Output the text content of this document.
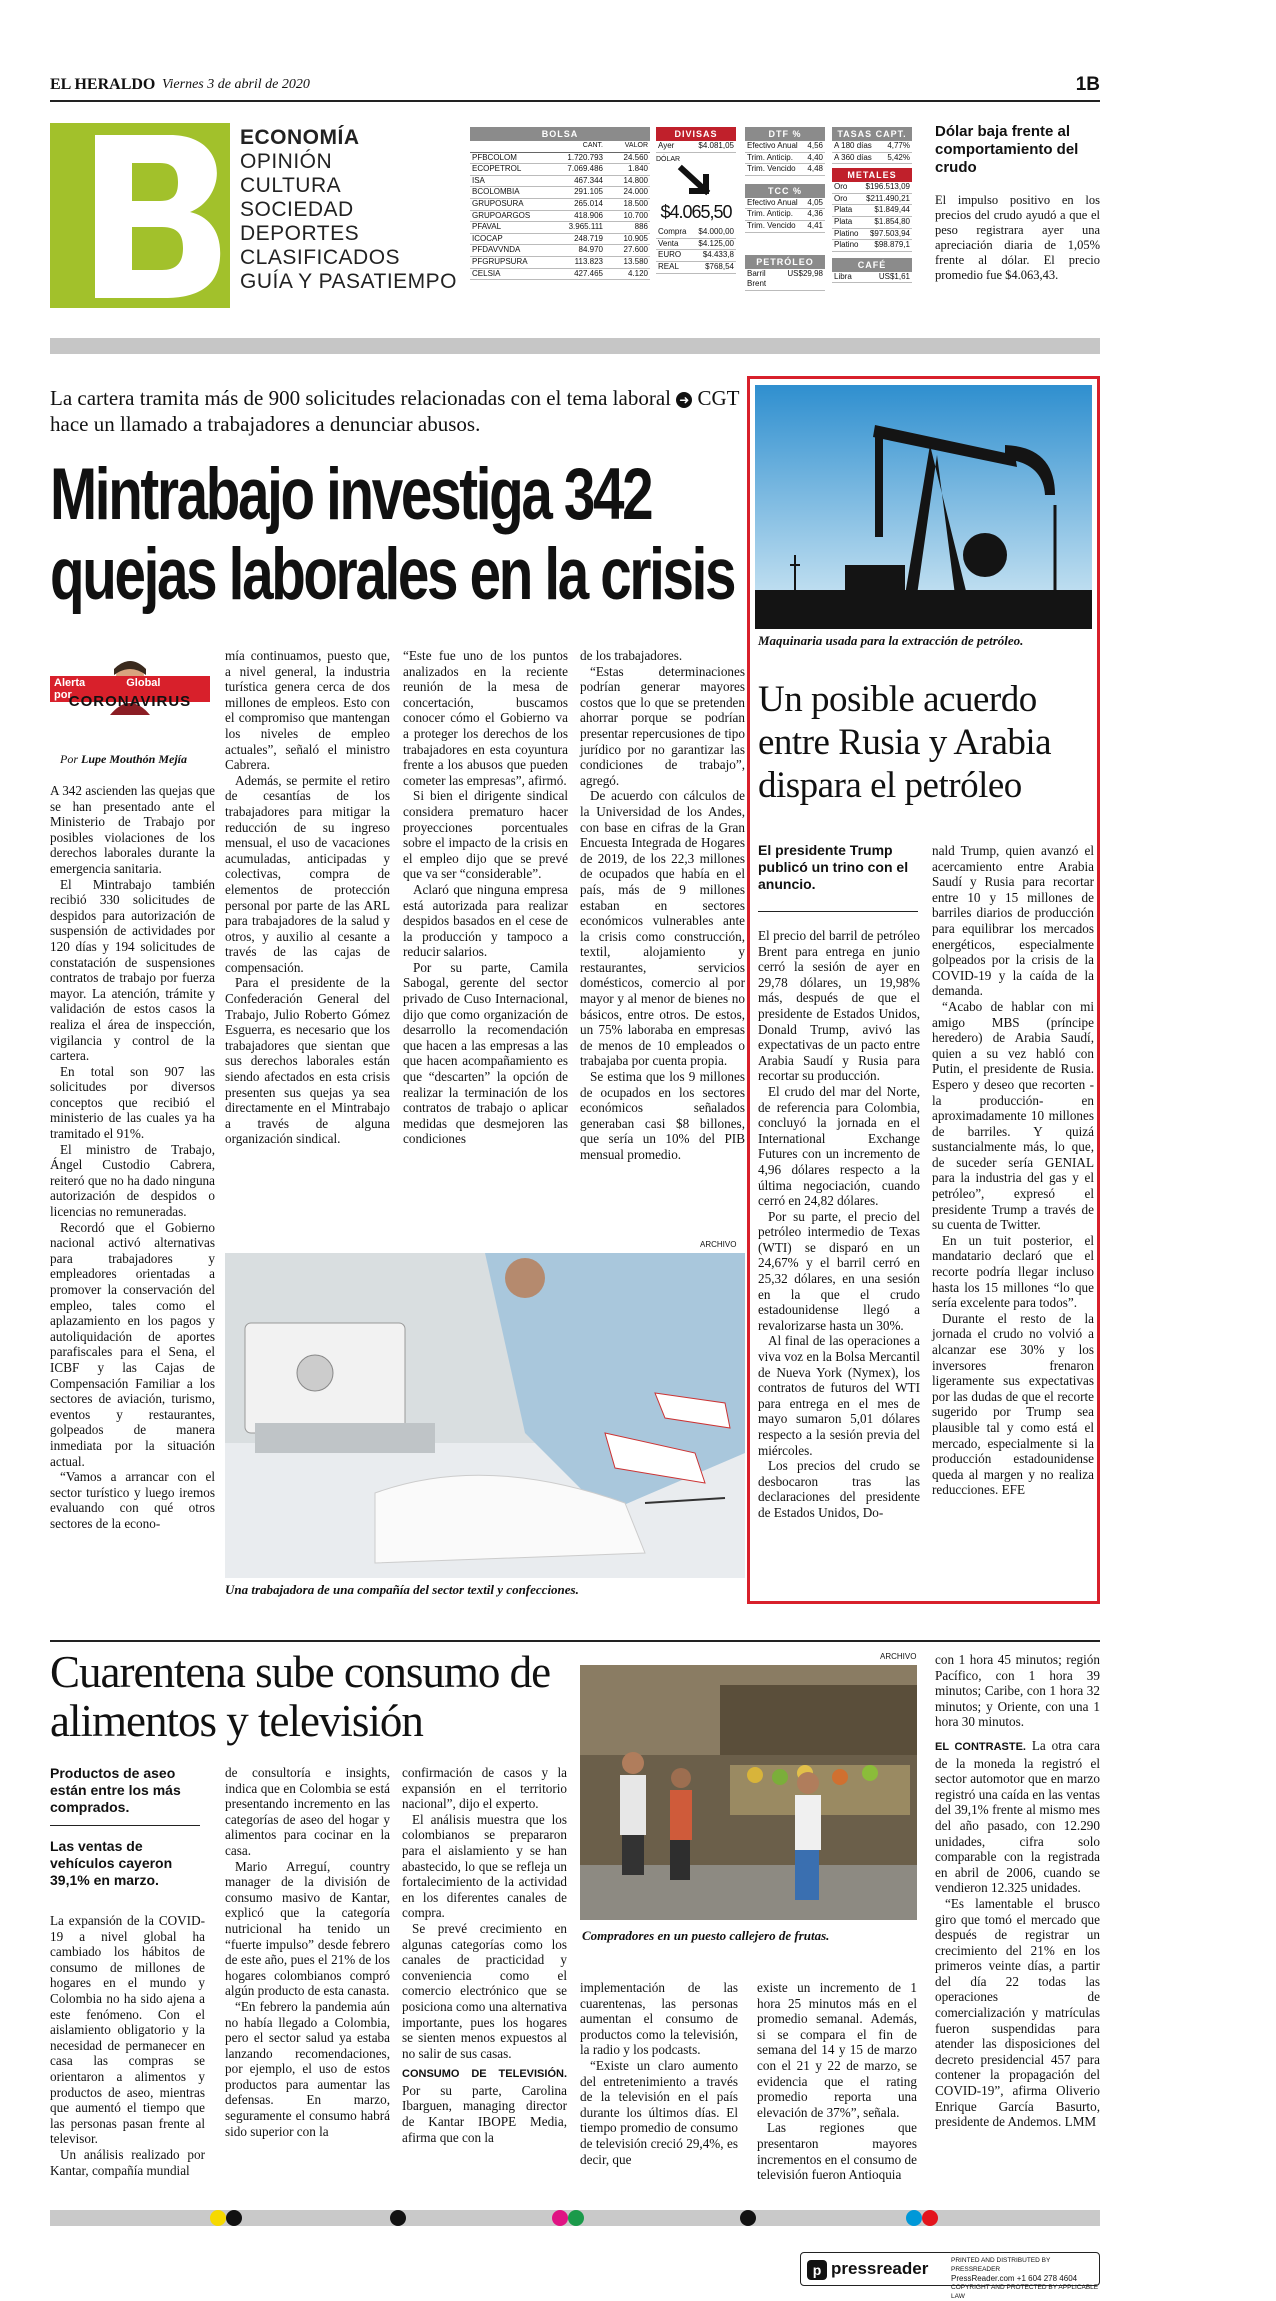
EL HERALDO Viernes 3 de abril de 2020	1B
ECONOMÍA
OPINIÓN
CULTURA
SOCIEDAD
DEPORTES
CLASIFICADOS
GUÍA Y PASATIEMPO
BOLSA
CANT.	VALOR
PFBCOLOM	1.720.793	24.560
ECOPETROL	7.069.486	1.840
ISA	467.344	14.800
BCOLOMBIA	291.105	24.000
GRUPOSURA	265.014	18.500
GRUPOARGOS	418.906	10.700
PFAVAL	3.965.111	886
ICOCAP	248.719	10.905
PFDAVVNDA	84.970	27.600
PFGRUPSURA	113.823	13.580
CELSIA	427.465	4.120
DIVISAS
Ayer	$4.081,05
DÓLAR
$4.065,50
Compra	$4.000,00
Venta	$4.125,00
EURO	$4.433,8
REAL	$768,54
DTF %
Efectivo Anual	4,56
Trim. Anticip.	4,40
Trim. Vencido	4,48
TCC %
Efectivo Anual	4,05
Trim. Anticip.	4,36
Trim. Vencido	4,41
PETRÓLEO
Barril Brent
US$29,98
TASAS CAPT.
A 180 días	4,77%
A 360 días	5,42%
METALES
Oro	$196.513,09
Oro	$211.490,21
Plata	$1.849,44
Plata	$1.854,80
Platino	$97.503,94
Platino	$98.879,1
CAFÉ
Libra	US$1,61
Dólar baja frente al comportamiento del crudo

El impulso positivo en los precios del crudo ayudó a que el peso registrara ayer una apreciación diaria de 1,05% frente al dólar. El precio promedio fue $4.063,43.

La cartera tramita más de 900 solicitudes relacionadas con el tema laboral ➜ CGT hace un llamado a trabajadores a denunciar abusos.
Mintrabajo investiga 342 quejas laborales en la crisis
Alerta Global por
CORONAVIRUS
Por Lupe Mouthón Mejía

A 342 ascienden las quejas que se han presentado ante el Ministerio de Trabajo por posibles violaciones de los derechos laborales durante la emergencia sanitaria.

El Mintrabajo también recibió 330 solicitudes de despidos para autorización de suspensión de actividades por 120 días y 194 solicitudes de constatación de suspensiones contratos de trabajo por fuerza mayor. La atención, trámite y validación de estos casos la realiza el área de inspección, vigilancia y control de la cartera.

En total son 907 las solicitudes por diversos conceptos que recibió el ministerio de las cuales ya ha tramitado el 91%.

El ministro de Trabajo, Ángel Custodio Cabrera, reiteró que no ha dado ninguna autorización de despidos o licencias no remuneradas.

Recordó que el Gobierno nacional activó alternativas para trabajadores y empleadores orientadas a promover la conservación del empleo, tales como el aplazamiento en los pagos y autoliquidación de aportes parafiscales para el Sena, el ICBF y las Cajas de Compensación Familiar a los sectores de aviación, turismo, eventos y restaurantes, golpeados de manera inmediata por la situación actual.

“Vamos a arrancar con el sector turístico y luego iremos evaluando con qué otros sectores de la econo-

mía continuamos, puesto que, a nivel general, la industria turística genera cerca de dos millones de empleos. Esto con el compromiso que mantengan los niveles de empleo actuales”, señaló el ministro Cabrera.

Además, se permite el retiro de cesantías de los trabajadores para mitigar la reducción de su ingreso mensual, el uso de vacaciones acumuladas, anticipadas y colectivas, compra de elementos de protección personal por parte de las ARL para trabajadores de la salud y otros, y auxilio al cesante a través de las cajas de compensación.

Para el presidente de la Confederación General del Trabajo, Julio Roberto Gómez Esguerra, es necesario que los trabajadores que sientan que sus derechos laborales están siendo afectados en esta crisis presenten sus quejas ya sea directamente en el Mintrabajo a través de alguna organización sindical.

“Este fue uno de los puntos analizados en la reciente reunión de la mesa de concertación, buscamos conocer cómo el Gobierno va a proteger los derechos de los trabajadores en esta coyuntura frente a los abusos que pueden cometer las empresas”, afirmó.

Si bien el dirigente sindical considera prematuro hacer proyecciones porcentuales sobre el impacto de la crisis en el empleo dijo que se prevé que va ser “considerable”.

Aclaró que ninguna empresa está autorizada para realizar despidos basados en el cese de la producción y tampoco a reducir salarios.

Por su parte, Camila Sabogal, gerente del sector privado de Cuso Internacional, dijo que como organización de desarrollo la recomendación que hacen a las empresas a las que hacen acompañamiento es que “descarten” la opción de realizar la terminación de los contratos de trabajo o aplicar medidas que desmejoren las condiciones

de los trabajadores.

“Estas determinaciones podrían generar mayores costos que lo que se pretenden ahorrar porque se podrían presentar repercusiones de tipo jurídico por no garantizar las condiciones de trabajo”, agregó.

De acuerdo con cálculos de la Universidad de los Andes, con base en cifras de la Gran Encuesta Integrada de Hogares de 2019, de los 22,3 millones de ocupados que había en el país, más de 9 millones estaban en sectores económicos vulnerables ante la crisis como construcción, textil, alojamiento y restaurantes, servicios domésticos, comercio al por mayor y al menor de bienes no básicos, entre otros. De estos, un 75% laboraba en empresas de menos de 10 empleados o trabajaba por cuenta propia.

Se estima que los 9 millones de ocupados en los sectores económicos señalados generaban casi $8 billones, que sería un 10% del PIB mensual promedio.

ARCHIVO
Una trabajadora de una compañía del sector textil y confecciones.
Maquinaria usada para la extracción de petróleo.
Un posible acuerdo entre Rusia y Arabia dispara el petróleo
El presidente Trump publicó un trino con el anuncio.

El precio del barril de petróleo Brent para entrega en junio cerró la sesión de ayer en 29,78 dólares, un 19,98% más, después de que el presidente de Estados Unidos, Donald Trump, avivó las expectativas de un pacto entre Arabia Saudí y Rusia para recortar su producción.

El crudo del mar del Norte, de referencia para Colombia, concluyó la jornada en el International Exchange Futures con un incremento de 4,96 dólares respecto a la última negociación, cuando cerró en 24,82 dólares.

Por su parte, el precio del petróleo intermedio de Texas (WTI) se disparó en un 24,67% y el barril cerró en 25,32 dólares, en una sesión en la que el crudo estadounidense llegó a revalorizarse hasta un 30%.

Al final de las operaciones a viva voz en la Bolsa Mercantil de Nueva York (Nymex), los contratos de futuros del WTI para entrega en el mes de mayo sumaron 5,01 dólares respecto a la sesión previa del miércoles.

Los precios del crudo se desbocaron tras las declaraciones del presidente de Estados Unidos, Do-

nald Trump, quien avanzó el acercamiento entre Arabia Saudí y Rusia para recortar entre 10 y 15 millones de barriles diarios de producción para equilibrar los mercados energéticos, especialmente golpeados por la crisis de la COVID-19 y la caída de la demanda.

“Acabo de hablar con mi amigo MBS (príncipe heredero) de Arabia Saudí, quien a su vez habló con Putin, el presidente de Rusia. Espero y deseo que recorten -la producción- en aproximadamente 10 millones de barriles. Y quizá sustancialmente más, lo que, de suceder sería GENIAL para la industria del gas y el petróleo”, expresó el presidente Trump a través de su cuenta de Twitter.

En un tuit posterior, el mandatario declaró que el recorte podría llegar incluso hasta los 15 millones “lo que sería excelente para todos”.

Durante el resto de la jornada el crudo no volvió a alcanzar ese 30% y los inversores frenaron ligeramente sus expectativas por las dudas de que el recorte sugerido por Trump sea plausible tal y como está el mercado, especialmente si la producción estadounidense queda al margen y no realiza reducciones. EFE

Cuarentena sube consumo de alimentos y televisión
Productos de aseo están entre los más comprados.
Las ventas de vehículos cayeron 39,1% en marzo.

La expansión de la COVID-19 a nivel global ha cambiado los hábitos de consumo de millones de hogares en el mundo y Colombia no ha sido ajena a este fenómeno. Con el aislamiento obligatorio y la necesidad de permanecer en casa las compras se orientaron a alimentos y productos de aseo, mientras que aumentó el tiempo que las personas pasan frente al televisor.

Un análisis realizado por Kantar, compañía mundial

de consultoría e insights, indica que en Colombia se está presentando incremento en las categorías de aseo del hogar y alimentos para cocinar en la casa.

Mario Arreguí, country manager de la división de consumo masivo de Kantar, explicó que la categoría nutricional ha tenido un “fuerte impulso” desde febrero de este año, pues el 21% de los hogares colombianos compró algún producto de esta canasta.

“En febrero la pandemia aún no había llegado a Colombia, pero el sector salud ya estaba lanzando recomendaciones, por ejemplo, el uso de estos productos para aumentar las defensas. En marzo, seguramente el consumo habrá sido superior con la

confirmación de casos y la expansión en el territorio nacional”, dijo el experto.

El análisis muestra que los colombianos se prepararon para el aislamiento y se han abastecido, lo que se refleja un fortalecimiento de la actividad en los diferentes canales de compra.

Se prevé crecimiento en algunas categorías como los canales de practicidad y conveniencia como el comercio electrónico que se posiciona como una alternativa importante, pues los hogares se sienten menos expuestos al no salir de sus casas.

CONSUMO DE TELEVISIÓN. Por su parte, Carolina Ibarguen, managing director de Kantar IBOPE Media, afirma que con la

ARCHIVO
Compradores en un puesto callejero de frutas.

implementación de las cuarentenas, las personas aumentan el consumo de productos como la televisión, la radio y los podcasts.

“Existe un claro aumento del entretenimiento a través de la televisión en el país durante los últimos días. El tiempo promedio de consumo de televisión creció 29,4%, es decir, que

existe un incremento de 1 hora 25 minutos más en el promedio semanal. Además, si se compara el fin de semana del 14 y 15 de marzo con el 21 y 22 de marzo, se evidencia que el rating promedio reporta una elevación de 37%”, señala.

Las regiones que presentaron mayores incrementos en el consumo de televisión fueron Antioquia

con 1 hora 45 minutos; región Pacífico, con 1 hora 39 minutos; Caribe, con 1 hora 32 minutos; y Oriente, con una 1 hora 30 minutos.

EL CONTRASTE. La otra cara de la moneda la registró el sector automotor que en marzo registró una caída en las ventas del 39,1% frente al mismo mes del año pasado, con 12.290 unidades, cifra solo comparable con la registrada en abril de 2006, cuando se vendieron 12.325 unidades.

“Es lamentable el brusco giro que tomó el mercado que después de registrar un crecimiento del 21% en los primeros veinte días, a partir del día 22 todas las operaciones de comercialización y matrículas fueron suspendidas para atender las disposiciones del decreto presidencial 457 para contener la propagación del COVID-19”, afirma Oliverio Enrique García Basurto, presidente de Andemos. LMM

p pressreader	PRINTED AND DISTRIBUTED BY PRESSREADER
PressReader.com +1 604 278 4604
COPYRIGHT AND PROTECTED BY APPLICABLE LAW
